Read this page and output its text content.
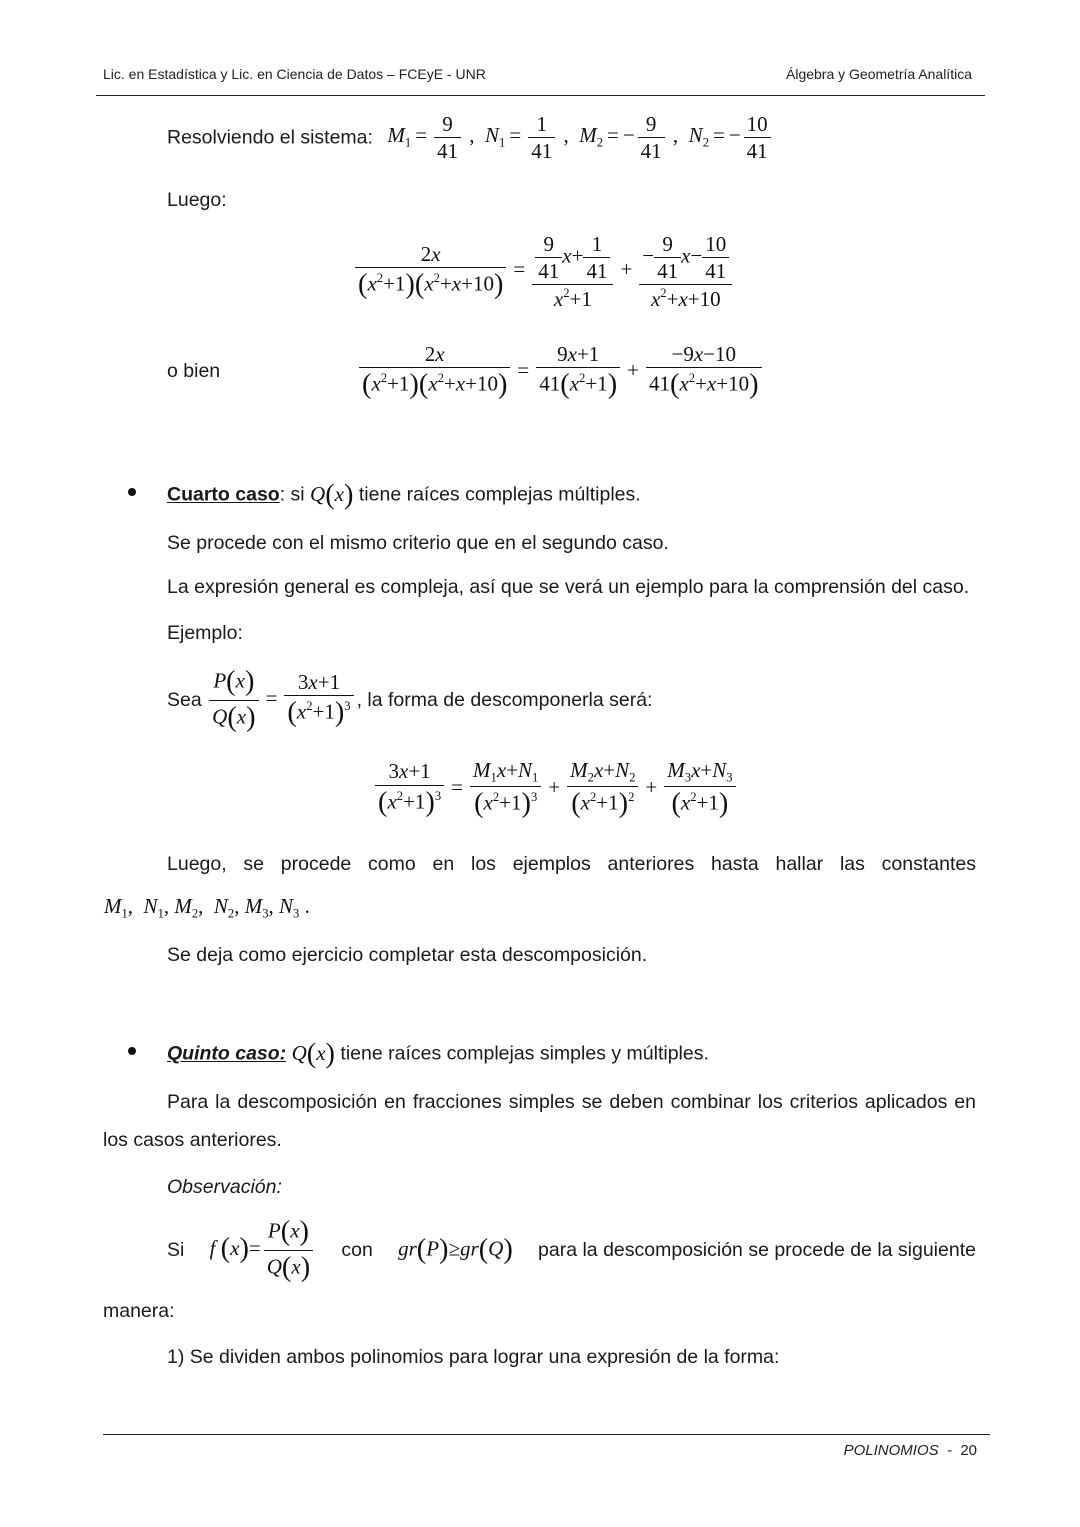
Lic. en Estadística y Lic. en Ciencia de Datos – FCEyE - UNR	Álgebra y Geometría Analítica
Resolviendo el sistema: $M_1 = \frac{9}{41}$ ,  $N_1 = \frac{1}{41}$ ,  $M_2$ = − $\frac{9}{41}$ ,  $N_2$ = − $\frac{10}{41}$
Luego:
$\frac{2x}{(x^2+1)(x^2+x+10)} = \frac{\frac{9}{41} x+ \frac{1}{41}}{x^2+1} + \frac{- \frac{9}{41} x- \frac{10}{41}}{x^2+x+10}$
o bien	$\frac{2x}{(x^2+1)(x^2+x+10)} = \frac{9x+1}{41(x^2+1)} + \frac{-9x-10}{41(x^2+x+10)}$
Cuarto caso: si Q(x) tiene raíces complejas múltiples.
Se procede con el mismo criterio que en el segundo caso.
La expresión general es compleja, así que se verá un ejemplo para la comprensión del caso.
Ejemplo:
Sea $\frac{P(x)}{Q(x)} = \frac{3x+1}{(x^2+1)^3}$ , la forma de descomponerla será:
$\frac{3x+1}{(x^2+1)^3} = \frac{M_1x+N_1}{(x^2+1)^3} + \frac{M_2x+N_2}{(x^2+1)^2} + \frac{M_3x+N_3}{(x^2+1)}$
Luego, se procede como en los ejemplos anteriores hasta hallar las constantes
$M_1$,  $N_1$, $M_2$,  $N_2$, $M_3$, $N_3$ .
Se deja como ejercicio completar esta descomposición.
Quinto caso: Q(x) tiene raíces complejas simples y múltiples.
Para la descomposición en fracciones simples se deben combinar los criterios aplicados en
los casos anteriores.
Observación:
Si f $(x)= \frac{P(x)}{Q(x)}$ con gr(P)≥gr(Q) para la descomposición se procede de la siguiente
manera:
1) Se dividen ambos polinomios para lograr una expresión de la forma:
POLINOMIOS - 20
